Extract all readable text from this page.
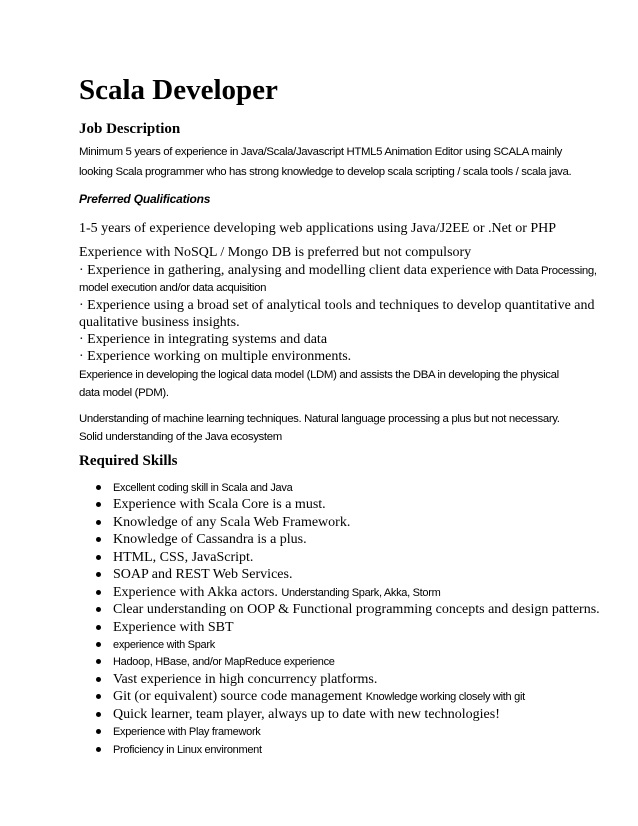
Scala Developer
Job Description
Minimum 5 years of experience in Java/Scala/Javascript HTML5 Animation Editor using SCALA mainly
looking Scala programmer who has strong knowledge to develop scala scripting / scala tools / scala java.
Preferred Qualifications
1-5 years of experience developing web applications using Java/J2EE or .Net or PHP
Experience with NoSQL / Mongo DB is preferred but not compulsory
· Experience in gathering, analysing and modelling client data experience with Data Processing,
model execution and/or data acquisition
· Experience using a broad set of analytical tools and techniques to develop quantitative and
qualitative business insights.
· Experience in integrating systems and data
· Experience working on multiple environments.
Experience in developing the logical data model (LDM) and assists the DBA in developing the physical
data model (PDM).
Understanding of machine learning techniques. Natural language processing a plus but not necessary.
Solid understanding of the Java ecosystem
Required Skills
Excellent coding skill in Scala and Java
Experience with Scala Core is a must.
Knowledge of any Scala Web Framework.
Knowledge of Cassandra is a plus.
HTML, CSS, JavaScript.
SOAP and REST Web Services.
Experience with Akka actors. Understanding Spark, Akka, Storm
Clear understanding on OOP & Functional programming concepts and design patterns.
Experience with SBT
experience with Spark
Hadoop, HBase, and/or MapReduce experience
Vast experience in high concurrency platforms.
Git (or equivalent) source code management Knowledge working closely with git
Quick learner, team player, always up to date with new technologies!
Experience with Play framework
Proficiency in Linux environment
